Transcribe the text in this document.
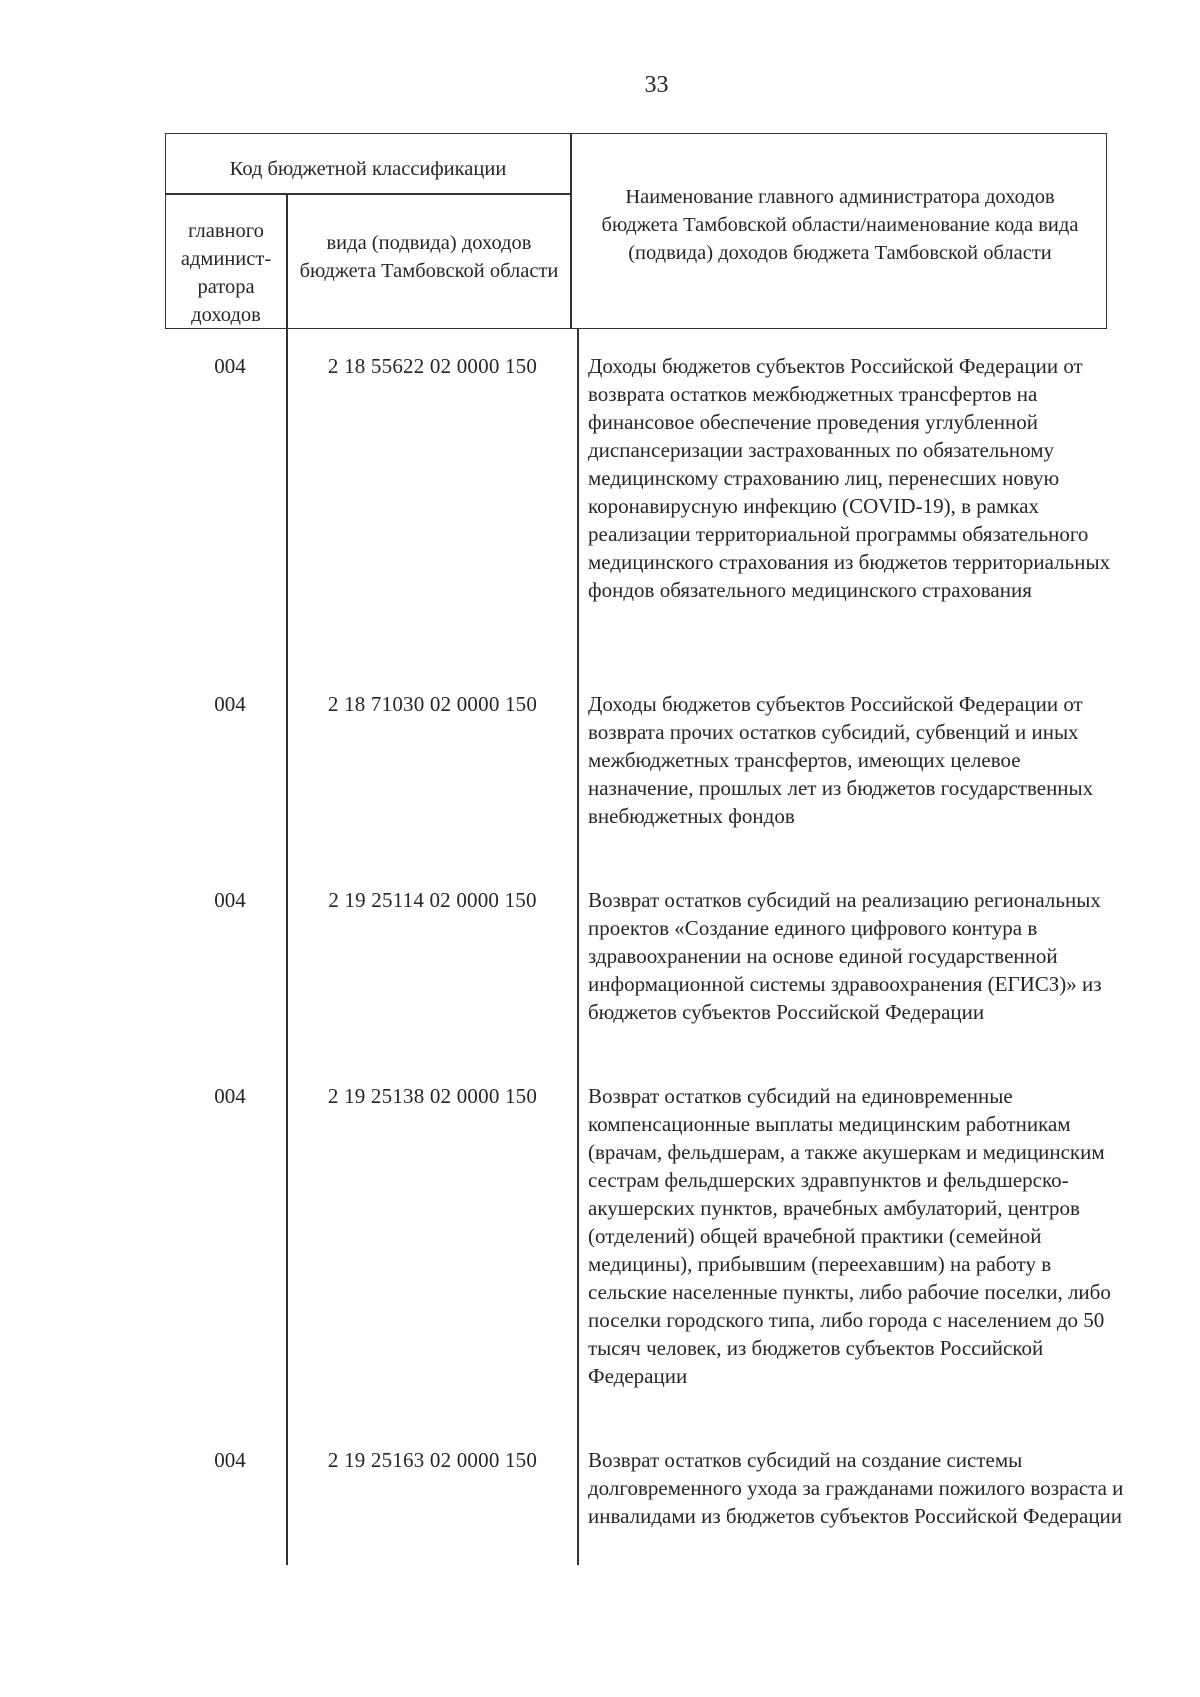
33
Код бюджетной классификации
главного админист-ратора доходов
вида (подвида) доходов бюджета Тамбовской области
Наименование главного администратора доходов бюджета Тамбовской области/наименование кода вида (подвида) доходов бюджета Тамбовской области
004	2 18 55622 02 0000 150	Доходы бюджетов субъектов Российской Федерации от возврата остатков межбюджетных трансфертов на финансовое обеспечение проведения углубленной диспансеризации застрахованных по обязательному медицинскому страхованию лиц, перенесших новую коронавирусную инфекцию (COVID-19), в рамках реализации территориальной программы обязательного медицинского страхования из бюджетов территориальных фондов обязательного медицинского страхования
004	2 18 71030 02 0000 150	Доходы бюджетов субъектов Российской Федерации от возврата прочих остатков субсидий, субвенций и иных межбюджетных трансфертов, имеющих целевое назначение, прошлых лет из бюджетов государственных внебюджетных фондов
004	2 19 25114 02 0000 150	Возврат остатков субсидий на реализацию региональных проектов «Создание единого цифрового контура в здравоохранении на основе единой государственной информационной системы здравоохранения (ЕГИСЗ)» из бюджетов субъектов Российской Федерации
004	2 19 25138 02 0000 150	Возврат остатков субсидий на единовременные компенсационные выплаты медицинским работникам (врачам, фельдшерам, а также акушеркам и медицинским сестрам фельдшерских здравпунктов и фельдшерско-акушерских пунктов, врачебных амбулаторий, центров (отделений) общей врачебной практики (семейной медицины), прибывшим (переехавшим) на работу в сельские населенные пункты, либо рабочие поселки, либо поселки городского типа, либо города с населением до 50 тысяч человек, из бюджетов субъектов Российской Федерации
004	2 19 25163 02 0000 150	Возврат остатков субсидий на создание системы долговременного ухода за гражданами пожилого возраста и инвалидами из бюджетов субъектов Российской Федерации
